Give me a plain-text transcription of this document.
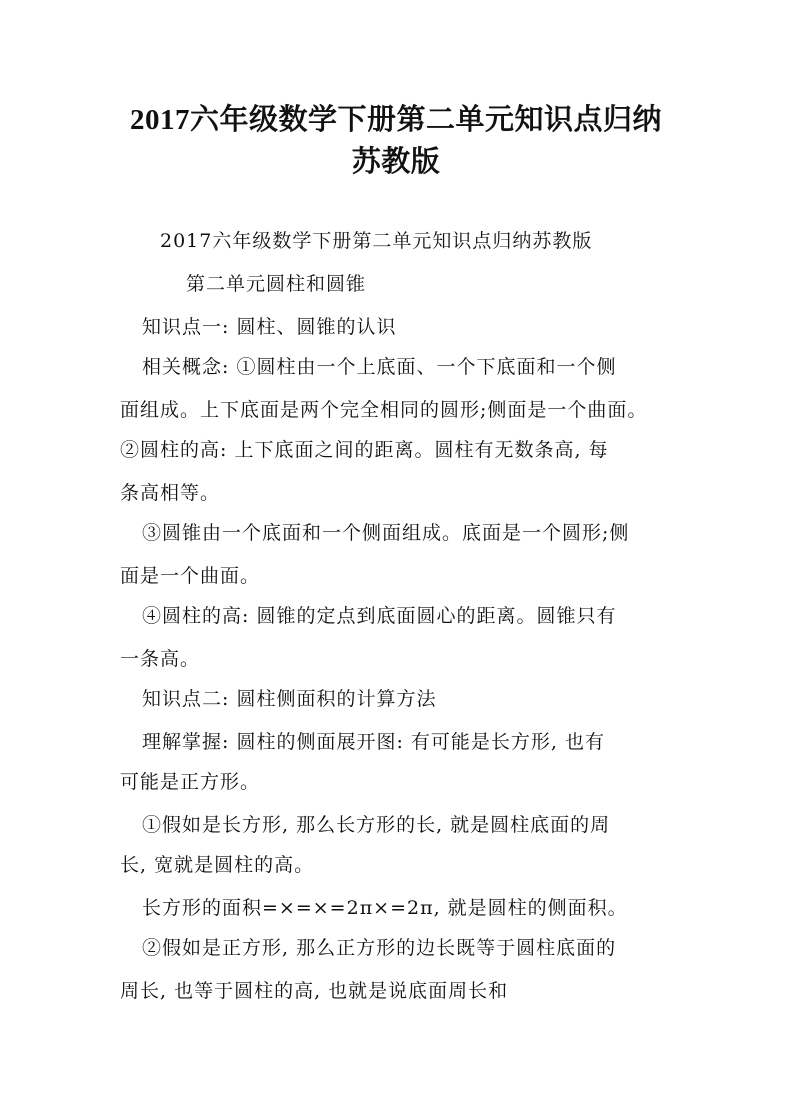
2017六年级数学下册第二单元知识点归纳
苏教版

2017六年级数学下册第二单元知识点归纳苏教版

第二单元圆柱和圆锥

知识点一: 圆柱、圆锥的认识

相关概念: ①圆柱由一个上底面、一个下底面和一个侧

面组成。上下底面是两个完全相同的圆形;侧面是一个曲面。

②圆柱的高: 上下底面之间的距离。圆柱有无数条高, 每

条高相等。

③圆锥由一个底面和一个侧面组成。底面是一个圆形;侧

面是一个曲面。

④圆柱的高: 圆锥的定点到底面圆心的距离。圆锥只有

一条高。

知识点二: 圆柱侧面积的计算方法

理解掌握: 圆柱的侧面展开图: 有可能是长方形, 也有

可能是正方形。

①假如是长方形, 那么长方形的长, 就是圆柱底面的周

长, 宽就是圆柱的高。

长方形的面积=×=×=2π×=2π, 就是圆柱的侧面积。

②假如是正方形, 那么正方形的边长既等于圆柱底面的

周长, 也等于圆柱的高, 也就是说底面周长和
